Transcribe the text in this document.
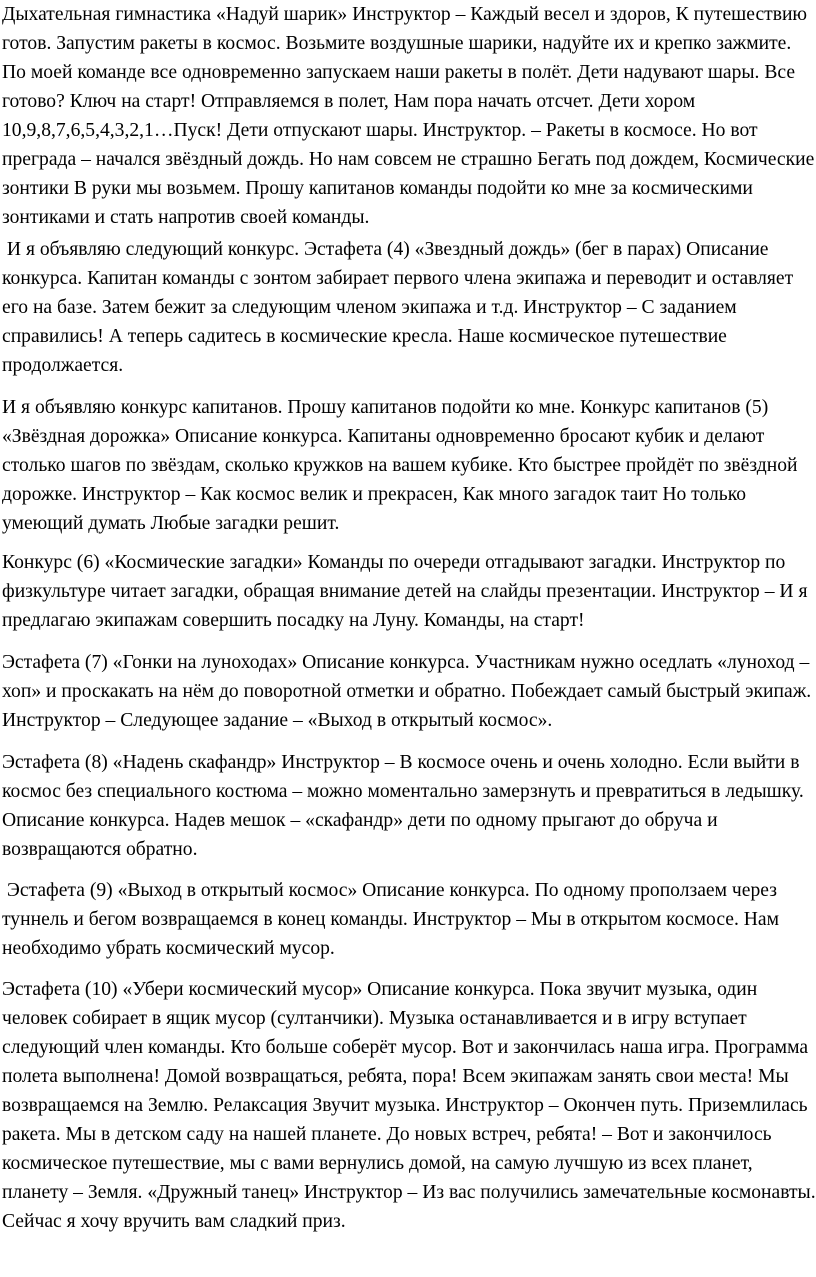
Дыхательная гимнастика «Надуй шарик» Инструктор – Каждый весел и здоров, К путешествию готов. Запустим ракеты в космос. Возьмите воздушные шарики, надуйте их и крепко зажмите. По моей команде все одновременно запускаем наши ракеты в полёт. Дети надувают шары. Все готово? Ключ на старт! Отправляемся в полет, Нам пора начать отсчет. Дети хором 10,9,8,7,6,5,4,3,2,1…Пуск! Дети отпускают шары. Инструктор. – Ракеты в космосе. Но вот преграда – начался звёздный дождь. Но нам совсем не страшно Бегать под дождем, Космические зонтики В руки мы возьмем. Прошу капитанов команды подойти ко мне за космическими зонтиками и стать напротив своей команды.

И я объявляю следующий конкурс. Эстафета (4) «Звездный дождь» (бег в парах) Описание конкурса. Капитан команды с зонтом забирает первого члена экипажа и переводит и оставляет его на базе. Затем бежит за следующим членом экипажа и т.д. Инструктор – С заданием справились! А теперь садитесь в космические кресла. Наше космическое путешествие продолжается.

И я объявляю конкурс капитанов. Прошу капитанов подойти ко мне. Конкурс капитанов (5) «Звёздная дорожка» Описание конкурса. Капитаны одновременно бросают кубик и делают столько шагов по звёздам, сколько кружков на вашем кубике. Кто быстрее пройдёт по звёздной дорожке. Инструктор – Как космос велик и прекрасен, Как много загадок таит Но только умеющий думать Любые загадки решит.

Конкурс (6) «Космические загадки» Команды по очереди отгадывают загадки. Инструктор по физкультуре читает загадки, обращая внимание детей на слайды презентации. Инструктор – И я предлагаю экипажам совершить посадку на Луну. Команды, на старт!

Эстафета (7) «Гонки на луноходах» Описание конкурса. Участникам нужно оседлать «луноход – хоп» и проскакать на нём до поворотной отметки и обратно. Побеждает самый быстрый экипаж. Инструктор – Следующее задание – «Выход в открытый космос».

Эстафета (8) «Надень скафандр» Инструктор – В космосе очень и очень холодно. Если выйти в космос без специального костюма – можно моментально замерзнуть и превратиться в ледышку. Описание конкурса. Надев мешок – «скафандр» дети по одному прыгают до обруча и возвращаются обратно.

Эстафета (9) «Выход в открытый космос» Описание конкурса. По одному проползаем через туннель и бегом возвращаемся в конец команды. Инструктор – Мы в открытом космосе. Нам необходимо убрать космический мусор.

Эстафета (10) «Убери космический мусор» Описание конкурса. Пока звучит музыка, один человек собирает в ящик мусор (султанчики). Музыка останавливается и в игру вступает следующий член команды. Кто больше соберёт мусор. Вот и закончилась наша игра. Программа полета выполнена! Домой возвращаться, ребята, пора! Всем экипажам занять свои места! Мы возвращаемся на Землю. Релаксация Звучит музыка. Инструктор – Окончен путь. Приземлилась ракета. Мы в детском саду на нашей планете. До новых встреч, ребята! – Вот и закончилось космическое путешествие, мы с вами вернулись домой, на самую лучшую из всех планет, планету – Земля. «Дружный танец» Инструктор – Из вас получились замечательные космонавты. Сейчас я хочу вручить вам сладкий приз.
